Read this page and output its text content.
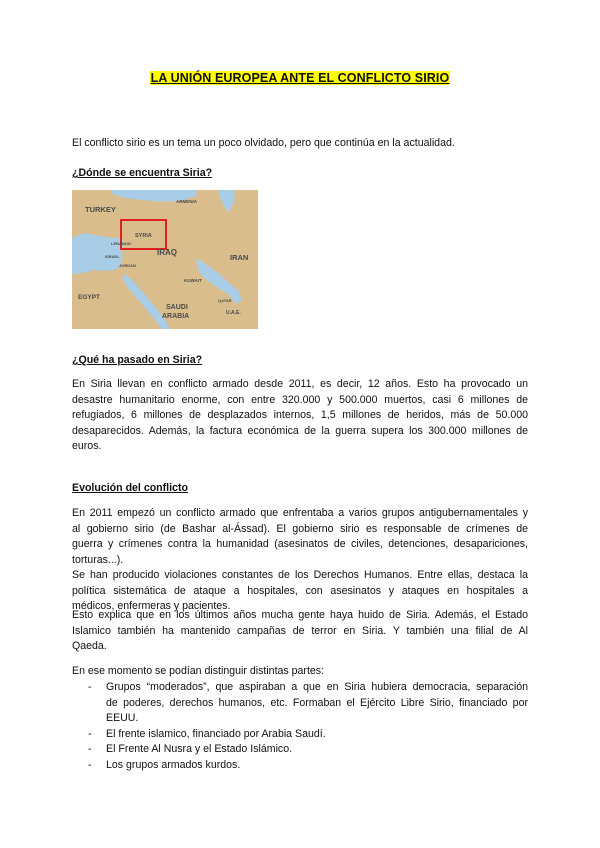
LA UNIÓN EUROPEA ANTE EL CONFLICTO SIRIO
El conflicto sirio es un tema un poco olvidado, pero que continúa en la actualidad.
¿Dónde se encuentra Siria?
TURKEY
ARMENIA
SYRIA
LEBANON
ISRAEL
JORDAN
IRAQ
IRAN
EGYPT
KUWAIT
SAUDI
ARABIA
QATAR
U.A.E.
¿Qué ha pasado en Siria?
En Siria llevan en conflicto armado desde 2011, es decir, 12 años. Esto ha provocado un
desastre humanitario enorme, con entre 320.000 y 500.000 muertos, casi 6 millones de
refugiados, 6 millones de desplazados internos, 1,5 millones de heridos, más de 50.000
desaparecidos. Además, la factura económica de la guerra supera los 300.000 millones de
euros.
Evolución del conflicto
En 2011 empezó un conflicto armado que enfrentaba a varios grupos antigubernamentales y
al gobierno sirio (de Bashar al-Ássad). El gobierno sirio es responsable de crímenes de
guerra y crímenes contra la humanidad (asesinatos de civiles, detenciones, desapariciones,
torturas...).
Se han producido violaciones constantes de los Derechos Humanos. Entre ellas, destaca la
política sistemática de ataque a hospitales, con asesinatos y ataques en hospitales a
médicos, enfermeras y pacientes.
Esto explica que en los últimos años mucha gente haya huido de Siria. Además, el Estado
Islamico también ha mantenido campañas de terror en Siria. Y también una filial de Al
Qaeda.
En ese momento se podían distinguir distintas partes:
- Grupos “moderados”, que aspiraban a que en Siria hubiera democracia, separación
de poderes, derechos humanos, etc. Formaban el Ejército Libre Sirio, financiado por
EEUU.
- El frente islamico, financiado por Arabia Saudí.
- El Frente Al Nusra y el Estado Islámico.
- Los grupos armados kurdos.
